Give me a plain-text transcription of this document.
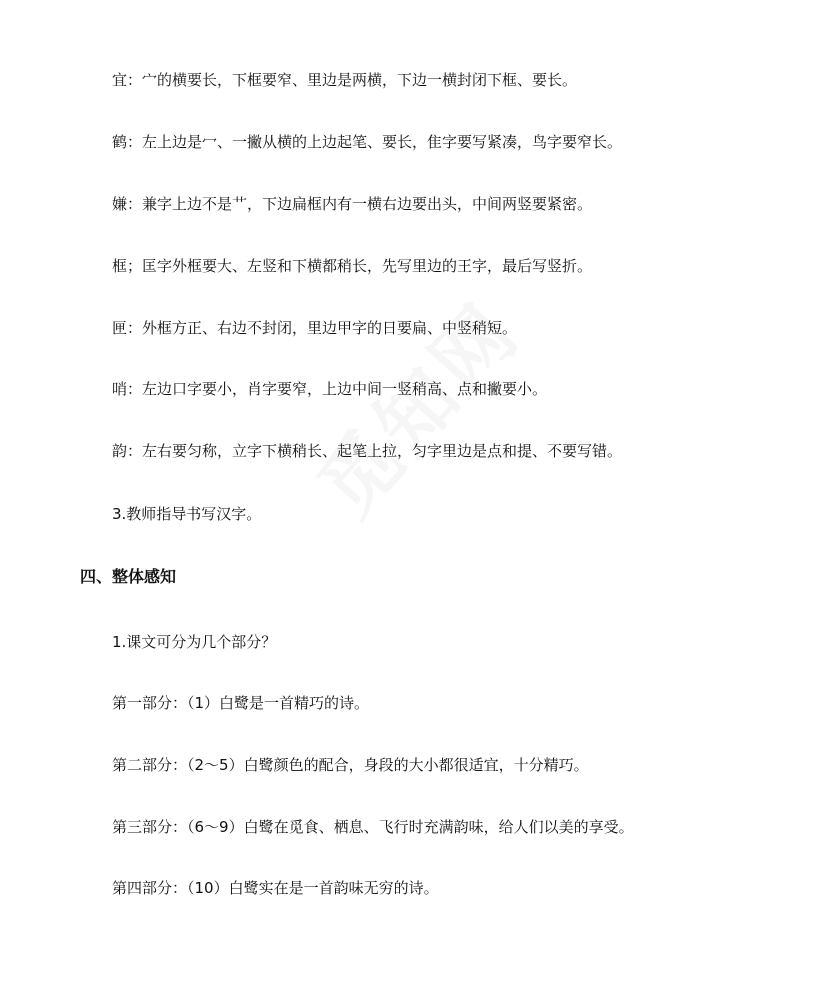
宜：宀的横要长，下框要窄、里边是两横，下边一横封闭下框、要长。
鹤：左上边是冖、一撇从横的上边起笔、要长，隹字要写紧凑，鸟字要窄长。
嫌：兼字上边不是艹，下边扁框内有一横右边要出头，中间两竖要紧密。
框；匡字外框要大、左竖和下横都稍长，先写里边的王字，最后写竖折。
匣：外框方正、右边不封闭，里边甲字的日要扁、中竖稍短。
哨：左边口字要小，肖字要窄，上边中间一竖稍高、点和撇要小。
韵：左右要匀称，立字下横稍长、起笔上拉，匀字里边是点和提、不要写错。
3.教师指导书写汉字。
四、整体感知
1.课文可分为几个部分？
第一部分：（1）白鹭是一首精巧的诗。
第二部分：（2～5）白鹭颜色的配合，身段的大小都很适宜，十分精巧。
第三部分：（6～9）白鹭在觅食、栖息、飞行时充满韵味，给人们以美的享受。
第四部分：（10）白鹭实在是一首韵味无穷的诗。
